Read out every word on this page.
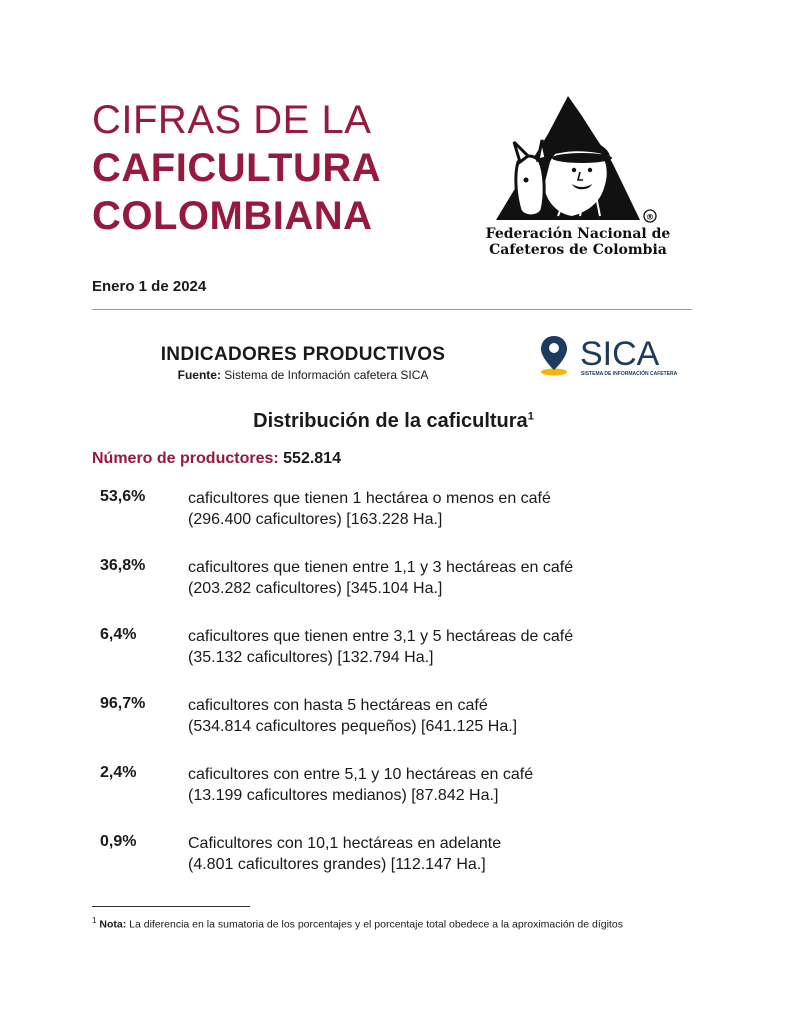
CIFRAS DE LA
CAFICULTURA
COLOMBIANA	®
Federación Nacional de
Cafeteros de Colombia
Enero 1 de 2024
INDICADORES PRODUCTIVOS
Fuente: Sistema de Información cafetera SICA
SICA
SISTEMA DE INFORMACIÓN CAFETERA
Distribución de la caficultura$^1$
Número de productores: 552.814
53,6%	caficultores que tienen 1 hectárea o menos en café
(296.400 caficultores) [163.228 Ha.]
36,8%	caficultores que tienen entre 1,1 y 3 hectáreas en café
(203.282 caficultores) [345.104 Ha.]
6,4%	caficultores que tienen entre 3,1 y 5 hectáreas de café
(35.132 caficultores) [132.794 Ha.]
96,7%	caficultores con hasta 5 hectáreas en café
(534.814 caficultores pequeños) [641.125 Ha.]
2,4%	caficultores con entre 5,1 y 10 hectáreas en café
(13.199 caficultores medianos) [87.842 Ha.]
0,9%	Caficultores con 10,1 hectáreas en adelante
(4.801 caficultores grandes) [112.147 Ha.]
$^1$ Nota: La diferencia en la sumatoria de los porcentajes y el porcentaje total obedece a la aproximación de dígitos
